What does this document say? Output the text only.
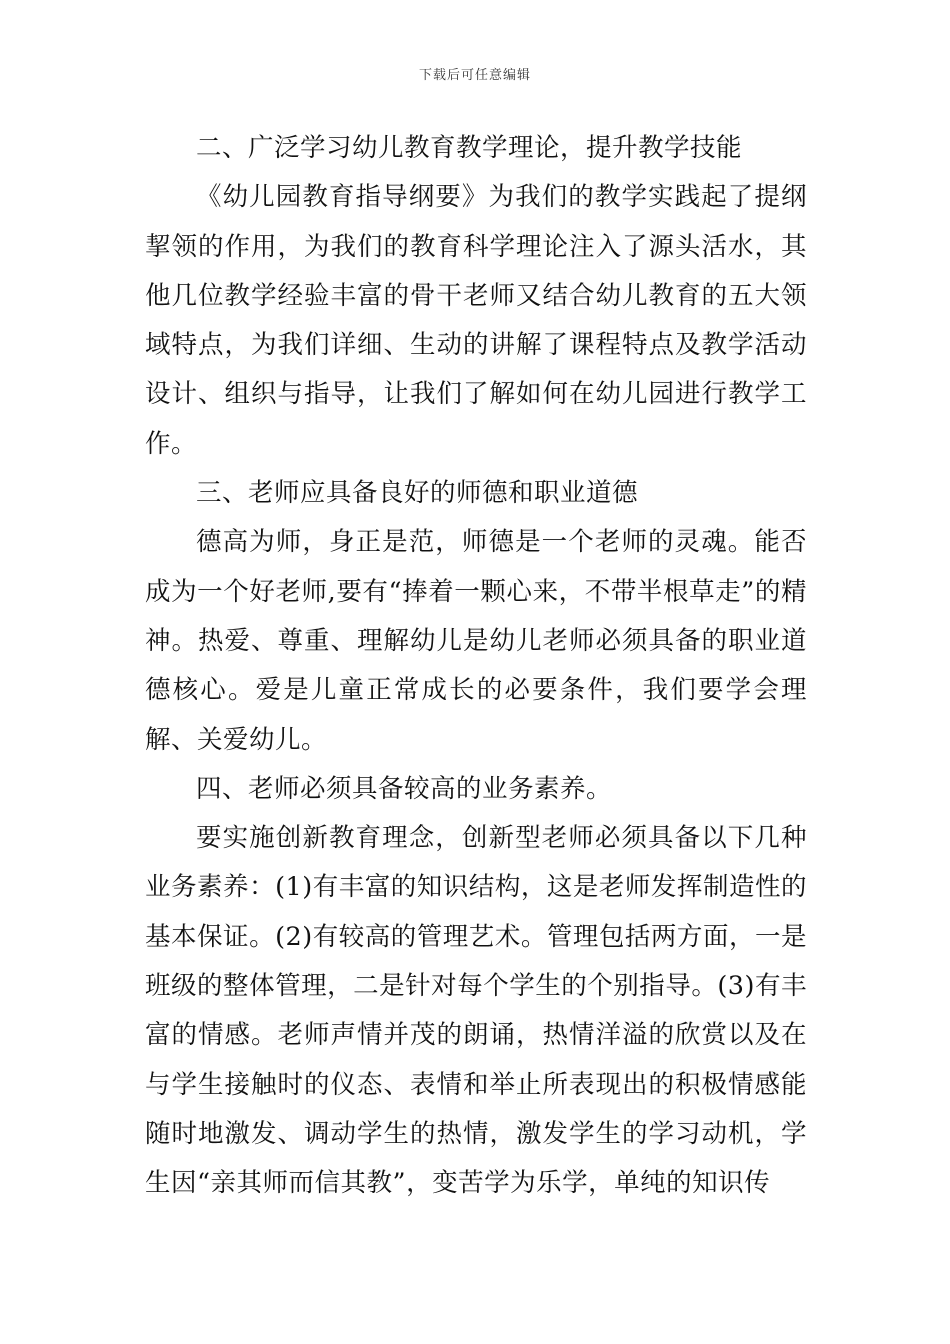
下载后可任意编辑

二、广泛学习幼儿教育教学理论，提升教学技能

《幼儿园教育指导纲要》为我们的教学实践起了提纲挈领的作用，为我们的教育科学理论注入了源头活水，其他几位教学经验丰富的骨干老师又结合幼儿教育的五大领域特点，为我们详细、生动的讲解了课程特点及教学活动设计、组织与指导，让我们了解如何在幼儿园进行教学工作。

三、老师应具备良好的师德和职业道德

德高为师，身正是范，师德是一个老师的灵魂。能否成为一个好老师,要有“捧着一颗心来，不带半根草走”的精神。热爱、尊重、理解幼儿是幼儿老师必须具备的职业道德核心。爱是儿童正常成长的必要条件，我们要学会理解、关爱幼儿。

四、老师必须具备较高的业务素养。

要实施创新教育理念，创新型老师必须具备以下几种业务素养：(1)有丰富的知识结构，这是老师发挥制造性的基本保证。(2)有较高的管理艺术。管理包括两方面，一是班级的整体管理，二是针对每个学生的个别指导。(3)有丰富的情感。老师声情并茂的朗诵，热情洋溢的欣赏以及在与学生接触时的仪态、表情和举止所表现出的积极情感能随时地激发、调动学生的热情，激发学生的学习动机，学生因“亲其师而信其教”，变苦学为乐学，单纯的知识传
